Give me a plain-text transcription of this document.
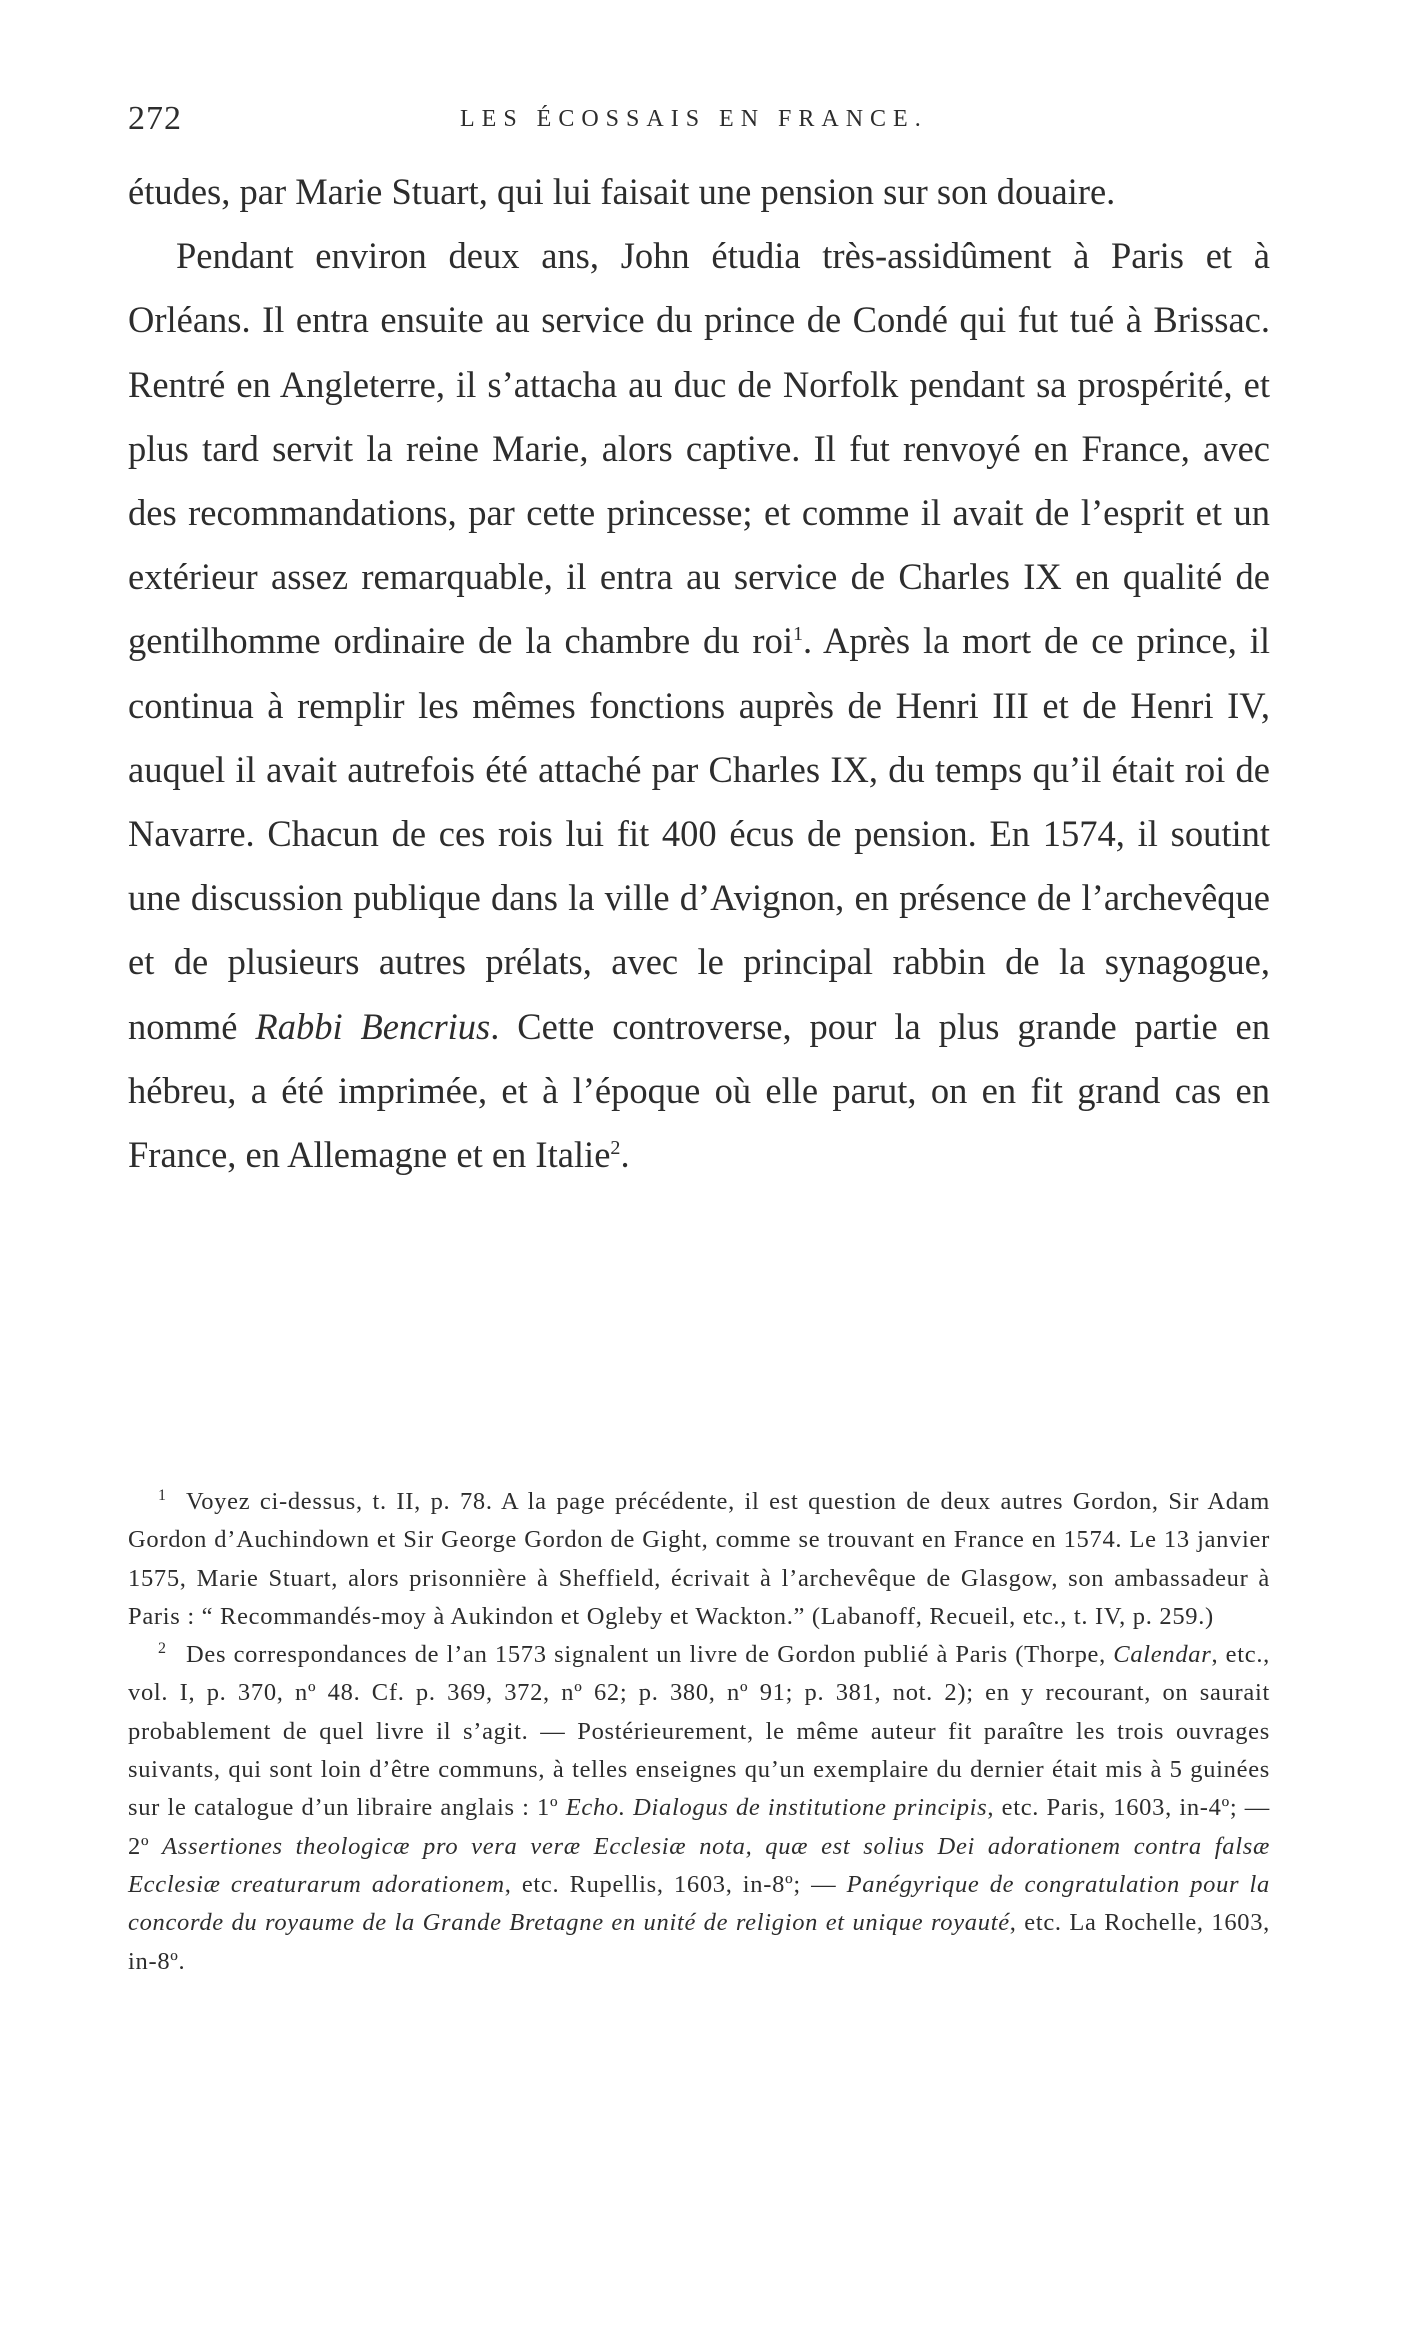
272	LES ÉCOSSAIS EN FRANCE.

études, par Marie Stuart, qui lui faisait une pension sur son douaire.

Pendant environ deux ans, John étudia très-assidûment à Paris et à Orléans. Il entra ensuite au service du prince de Condé qui fut tué à Brissac. Rentré en Angleterre, il s’attacha au duc de Norfolk pendant sa prospérité, et plus tard servit la reine Marie, alors captive. Il fut renvoyé en France, avec des recommandations, par cette princesse; et comme il avait de l’esprit et un extérieur assez remarquable, il entra au service de Charles IX en qualité de gentilhomme ordinaire de la chambre du roi$^1$. Après la mort de ce prince, il continua à remplir les mêmes fonctions auprès de Henri III et de Henri IV, auquel il avait autrefois été attaché par Charles IX, du temps qu’il était roi de Navarre. Chacun de ces rois lui fit 400 écus de pension. En 1574, il soutint une discussion publique dans la ville d’Avignon, en présence de l’archevêque et de plusieurs autres prélats, avec le principal rabbin de la synagogue, nommé Rabbi Bencrius. Cette controverse, pour la plus grande partie en hébreu, a été imprimée, et à l’époque où elle parut, on en fit grand cas en France, en Allemagne et en Italie$^2$.

1 Voyez ci-dessus, t. II, p. 78. A la page précédente, il est question de deux autres Gordon, Sir Adam Gordon d’Auchindown et Sir George Gordon de Gight, comme se trouvant en France en 1574. Le 13 janvier 1575, Marie Stuart, alors prisonnière à Sheffield, écrivait à l’archevêque de Glasgow, son ambassadeur à Paris : “ Recommandés-moy à Aukindon et Ogleby et Wackton.” (Labanoff, Recueil, etc., t. IV, p. 259.)

2 Des correspondances de l’an 1573 signalent un livre de Gordon publié à Paris (Thorpe, Calendar, etc., vol. I, p. 370, nº 48. Cf. p. 369, 372, nº 62; p. 380, nº 91; p. 381, not. 2); en y recourant, on saurait probablement de quel livre il s’agit. — Postérieurement, le même auteur fit paraître les trois ouvrages suivants, qui sont loin d’être communs, à telles enseignes qu’un exemplaire du dernier était mis à 5 guinées sur le catalogue d’un libraire anglais : 1º Echo. Dialogus de institutione principis, etc. Paris, 1603, in-4º; — 2º Assertiones theologicæ pro vera veræ Ecclesiæ nota, quæ est solius Dei adorationem contra falsæ Ecclesiæ creaturarum adorationem, etc. Rupellis, 1603, in-8º; — Panégyrique de congratulation pour la concorde du royaume de la Grande Bretagne en unité de religion et unique royauté, etc. La Rochelle, 1603, in-8º.
